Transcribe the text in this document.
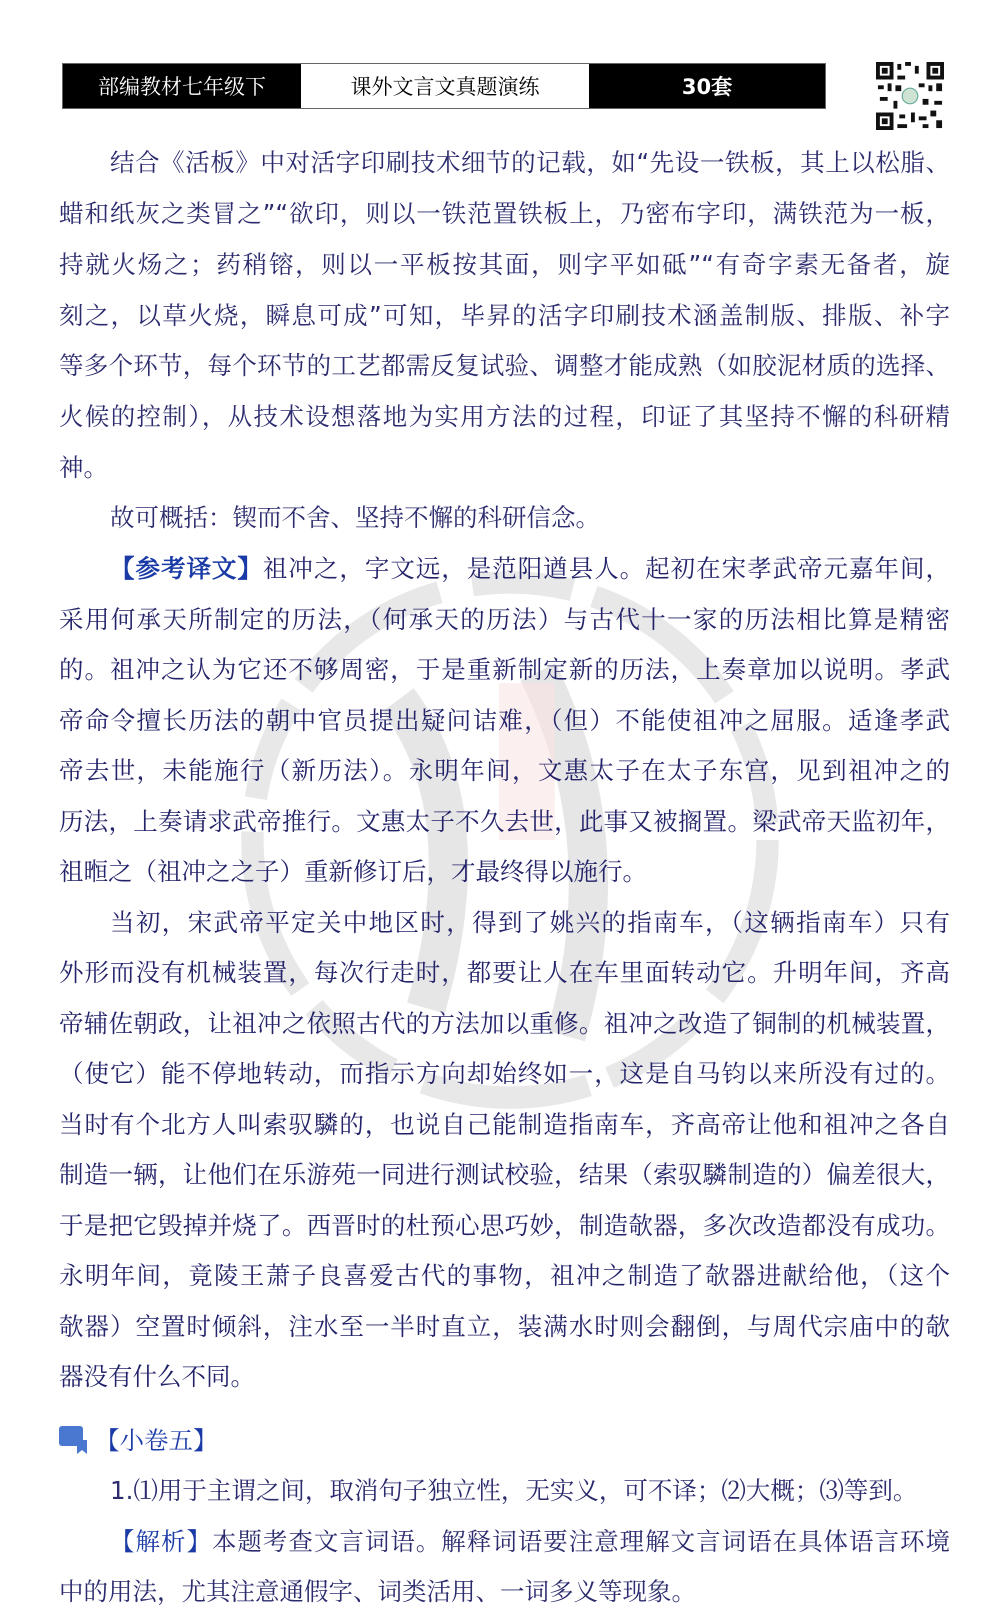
部编教材七年级下	课外文言文真题演练	30套
结合《活板》中对活字印刷技术细节的记载，如“先设一铁板，其上以松脂、
蜡和纸灰之类冒之”“欲印，则以一铁范置铁板上，乃密布字印，满铁范为一板，
持就火炀之；药稍镕，则以一平板按其面，则字平如砥”“有奇字素无备者，旋
刻之，以草火烧，瞬息可成”可知，毕昇的活字印刷技术涵盖制版、排版、补字
等多个环节，每个环节的工艺都需反复试验、调整才能成熟（如胶泥材质的选择、
火候的控制），从技术设想落地为实用方法的过程，印证了其坚持不懈的科研精
神。
故可概括：锲而不舍、坚持不懈的科研信念。
【参考译文】祖冲之，字文远，是范阳遒县人。起初在宋孝武帝元嘉年间，
采用何承天所制定的历法，（何承天的历法）与古代十一家的历法相比算是精密
的。祖冲之认为它还不够周密，于是重新制定新的历法，上奏章加以说明。孝武
帝命令擅长历法的朝中官员提出疑问诘难，（但）不能使祖冲之屈服。适逢孝武
帝去世，未能施行（新历法）。永明年间，文惠太子在太子东宫，见到祖冲之的
历法，上奏请求武帝推行。文惠太子不久去世，此事又被搁置。梁武帝天监初年，
祖暅之（祖冲之之子）重新修订后，才最终得以施行。
当初，宋武帝平定关中地区时，得到了姚兴的指南车，（这辆指南车）只有
外形而没有机械装置，每次行走时，都要让人在车里面转动它。升明年间，齐高
帝辅佐朝政，让祖冲之依照古代的方法加以重修。祖冲之改造了铜制的机械装置，
（使它）能不停地转动，而指示方向却始终如一，这是自马钧以来所没有过的。
当时有个北方人叫索驭驎的，也说自己能制造指南车，齐高帝让他和祖冲之各自
制造一辆，让他们在乐游苑一同进行测试校验，结果（索驭驎制造的）偏差很大，
于是把它毁掉并烧了。西晋时的杜预心思巧妙，制造欹器，多次改造都没有成功。
永明年间，竟陵王萧子良喜爱古代的事物，祖冲之制造了欹器进献给他，（这个
欹器）空置时倾斜，注水至一半时直立，装满水时则会翻倒，与周代宗庙中的欹
器没有什么不同。
【小卷五】
1.⑴用于主谓之间，取消句子独立性，无实义，可不译；⑵大概；⑶等到。
【解析】本题考查文言词语。解释词语要注意理解文言词语在具体语言环境
中的用法，尤其注意通假字、词类活用、一词多义等现象。
